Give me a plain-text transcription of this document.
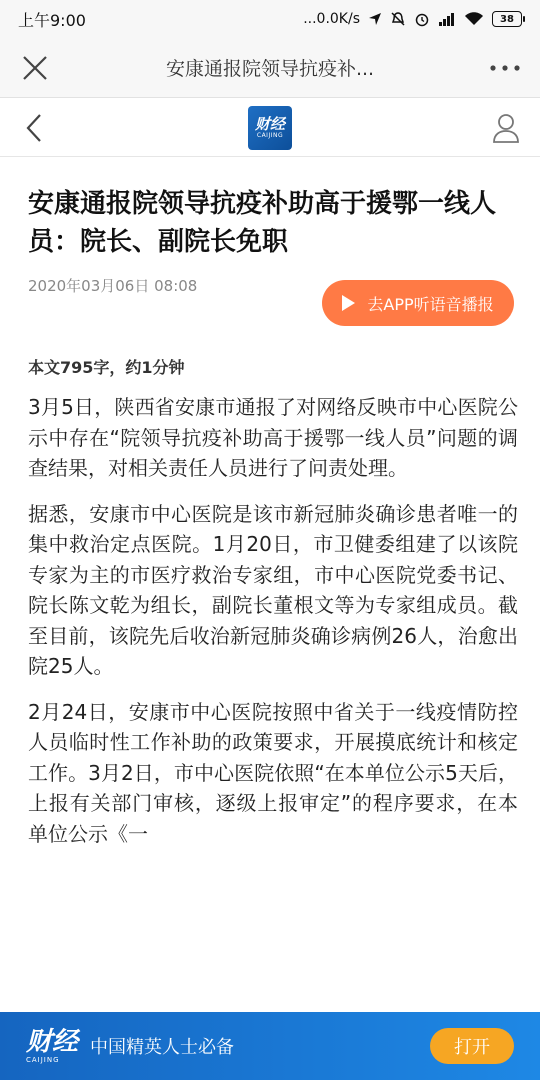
上午9:00	...0.0K/s	38
安康通报院领导抗疫补...
财经
CAIJING
安康通报院领导抗疫补助高于援鄂一线人员：院长、副院长免职
2020年03月06日 08:08
去APP听语音播报
本文795字，约1分钟

3月5日，陕西省安康市通报了对网络反映市中心医院公示中存在“院领导抗疫补助高于援鄂一线人员”问题的调查结果，对相关责任人员进行了问责处理。

据悉，安康市中心医院是该市新冠肺炎确诊患者唯一的集中救治定点医院。1月20日，市卫健委组建了以该院专家为主的市医疗救治专家组，市中心医院党委书记、院长陈文乾为组长，副院长董根文等为专家组成员。截至目前，该院先后收治新冠肺炎确诊病例26人，治愈出院25人。

2月24日，安康市中心医院按照中省关于一线疫情防控人员临时性工作补助的政策要求，开展摸底统计和核定工作。3月2日，市中心医院依照“在本单位公示5天后，上报有关部门审核，逐级上报审定”的程序要求，在本单位公示《一

财经
CAIJING
中国精英人士必备	打开
